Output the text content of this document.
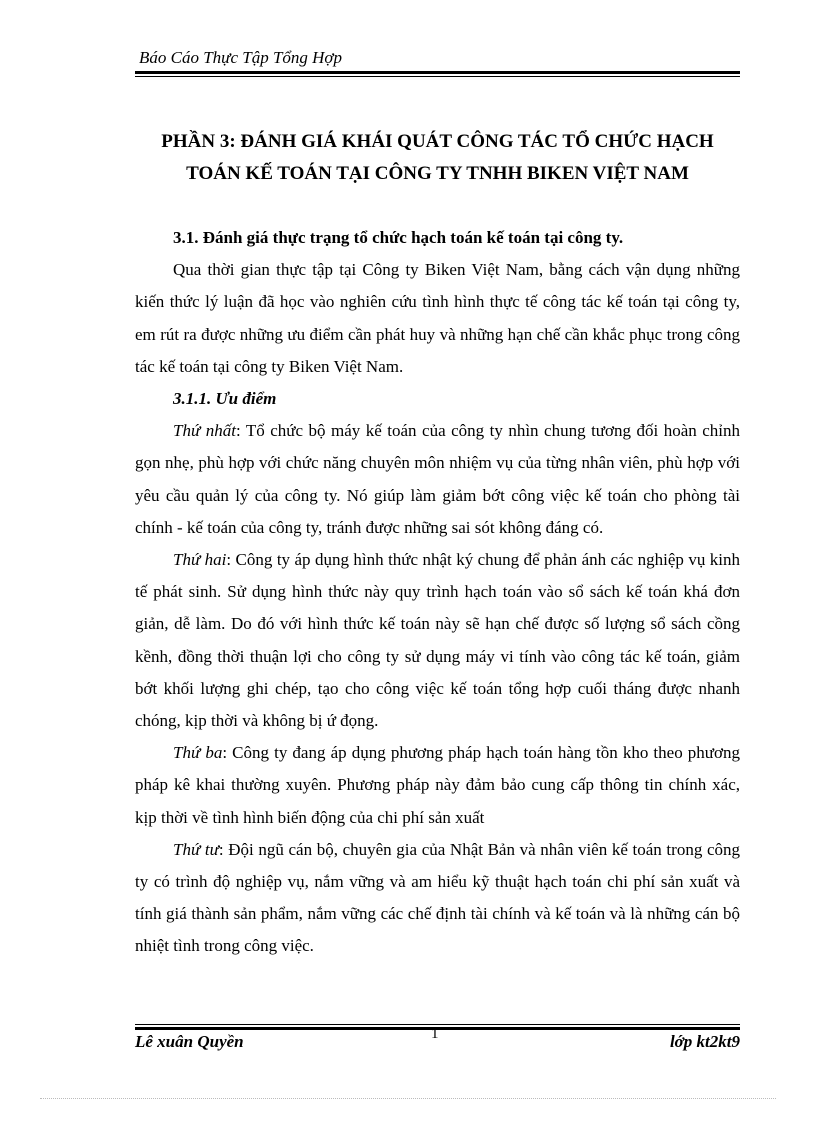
Báo Cáo Thực Tập Tổng Hợp
PHẦN 3: ĐÁNH GIÁ KHÁI QUÁT CÔNG TÁC TỔ CHỨC HẠCH
TOÁN KẾ TOÁN TẠI CÔNG TY TNHH BIKEN VIỆT NAM

3.1. Đánh giá thực trạng tổ chức hạch toán kế toán tại công ty.

Qua thời gian thực tập tại Công ty Biken Việt Nam, bằng cách vận dụng những kiến thức lý luận đã học vào nghiên cứu tình hình thực tế công tác kế toán tại công ty, em rút ra được những ưu điểm cần phát huy và những hạn chế cần khắc phục trong công tác kế toán tại công ty Biken Việt Nam.

3.1.1. Ưu điểm

Thứ nhất: Tổ chức bộ máy kế toán của công ty nhìn chung tương đối hoàn chỉnh gọn nhẹ, phù hợp với chức năng chuyên môn nhiệm vụ của từng nhân viên, phù hợp với yêu cầu quản lý của công ty. Nó giúp làm giảm bớt công việc kế toán cho phòng tài chính - kế toán của công ty, tránh được những sai sót không đáng có.

Thứ hai: Công ty áp dụng hình thức nhật ký chung để phản ánh các nghiệp vụ kinh tế phát sinh. Sử dụng hình thức này quy trình hạch toán vào sổ sách kế toán khá đơn giản, dễ làm. Do đó với hình thức kế toán này sẽ hạn chế được số lượng sổ sách cồng kềnh, đồng thời thuận lợi cho công ty sử dụng máy vi tính vào công tác kế toán, giảm bớt khối lượng ghi chép, tạo cho công việc kế toán tổng hợp cuối tháng được nhanh chóng, kịp thời và không bị ứ đọng.

Thứ ba: Công ty đang áp dụng phương pháp hạch toán hàng tồn kho theo phương pháp kê khai thường xuyên. Phương pháp này đảm bảo cung cấp thông tin chính xác, kịp thời về tình hình biến động của chi phí sản xuất

Thứ tư: Đội ngũ cán bộ, chuyên gia của Nhật Bản và nhân viên kế toán trong công ty có trình độ nghiệp vụ, nắm vững và am hiểu kỹ thuật hạch toán chi phí sản xuất và tính giá thành sản phẩm, nắm vững các chế định tài chính và kế toán và là những cán bộ nhiệt tình trong công việc.

Lê xuân Quyền	1	lớp kt2kt9
